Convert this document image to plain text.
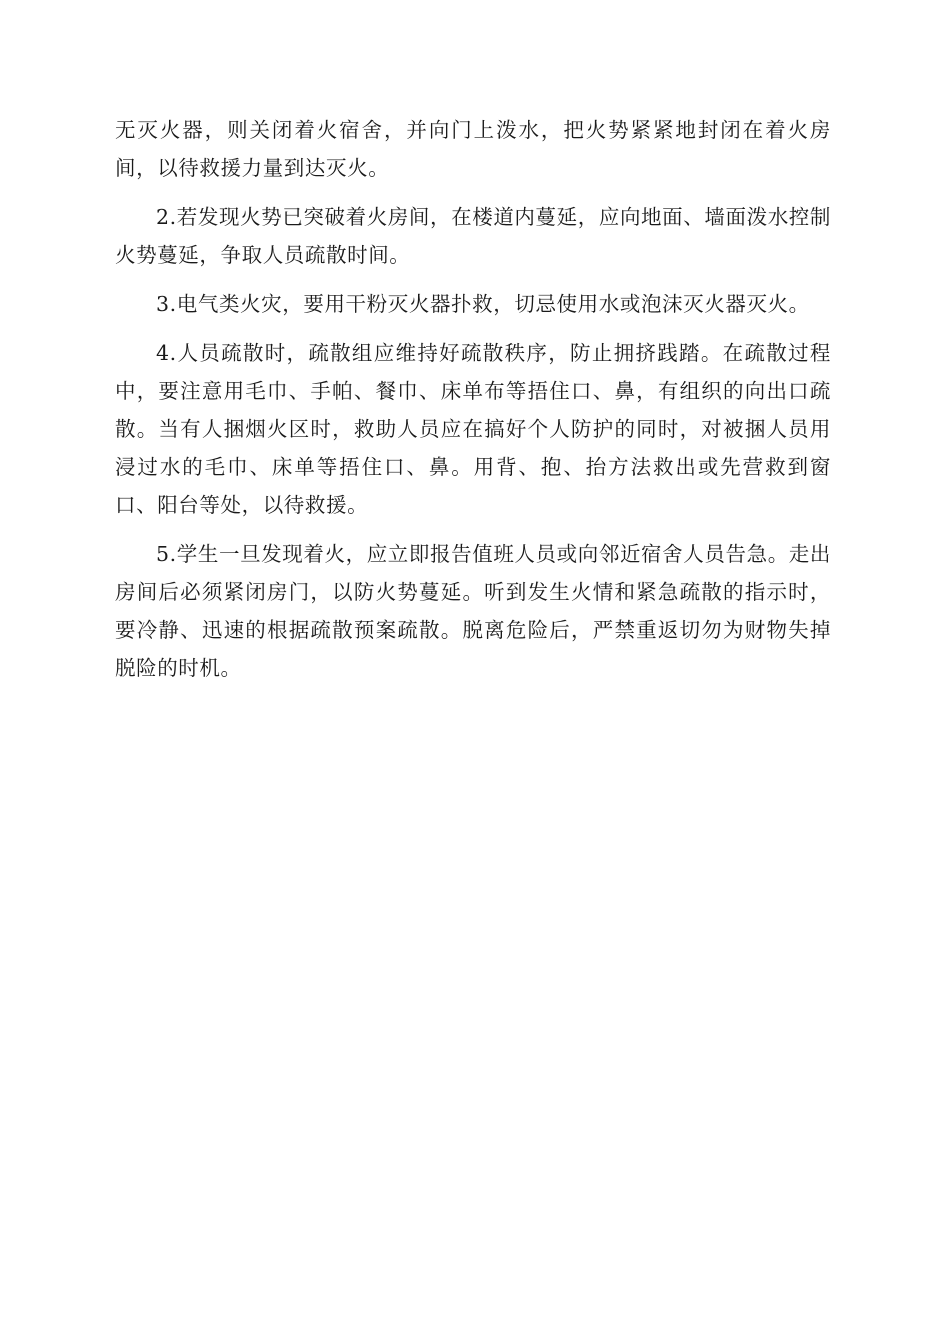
无灭火器，则关闭着火宿舍，并向门上泼水，把火势紧紧地封闭在着火房间，以待救援力量到达灭火。

2.若发现火势已突破着火房间，在楼道内蔓延，应向地面、墙面泼水控制火势蔓延，争取人员疏散时间。

3.电气类火灾，要用干粉灭火器扑救，切忌使用水或泡沫灭火器灭火。

4.人员疏散时，疏散组应维持好疏散秩序，防止拥挤践踏。在疏散过程中，要注意用毛巾、手帕、餐巾、床单布等捂住口、鼻，有组织的向出口疏散。当有人捆烟火区时，救助人员应在搞好个人防护的同时，对被捆人员用浸过水的毛巾、床单等捂住口、鼻。用背、抱、抬方法救出或先营救到窗口、阳台等处，以待救援。

5.学生一旦发现着火，应立即报告值班人员或向邻近宿舍人员告急。走出房间后必须紧闭房门，以防火势蔓延。听到发生火情和紧急疏散的指示时，要冷静、迅速的根据疏散预案疏散。脱离危险后，严禁重返切勿为财物失掉脱险的时机。
